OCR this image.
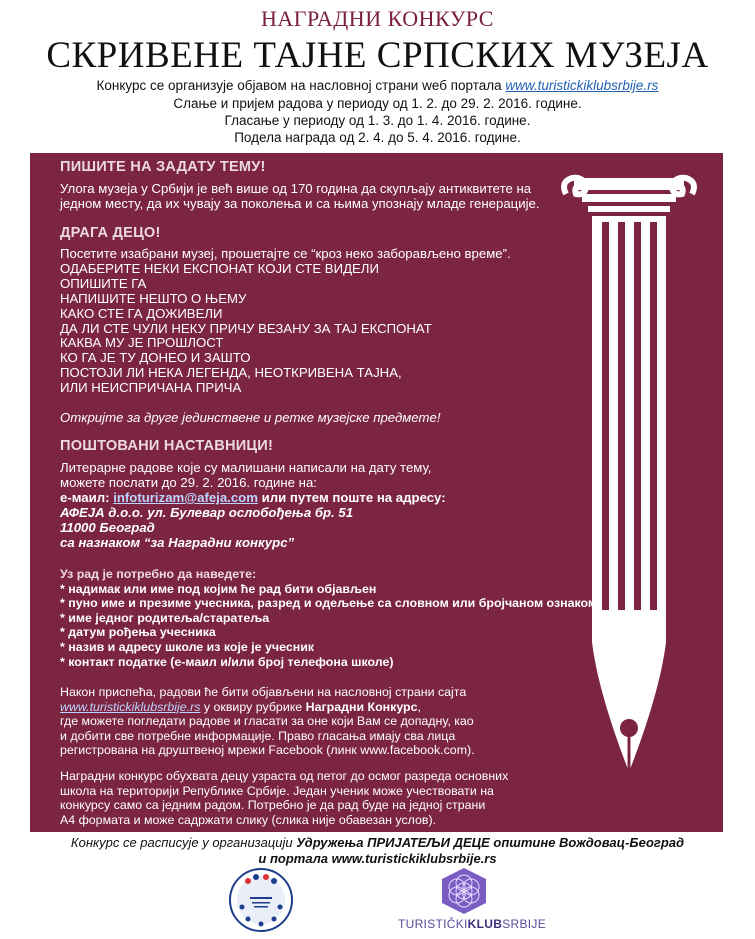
НАГРАДНИ КОНКУРС
СКРИВЕНЕ ТАЈНЕ СРПСКИХ МУЗЕЈА
Конкурс се организује објавом на насловној страни wеб портала www.turistickiklubsrbije.rs
Слање и пријем радова у периоду од 1. 2. до 29. 2. 2016. године.
Гласање у периоду од 1. 3. до 1. 4. 2016. године.
Подела награда од 2. 4. до 5. 4. 2016. године.
ПИШИТЕ НА ЗАДАТУ ТЕМУ!
Улога музеја у Србији је већ више од 170 година да скупљају антиквитете на
једном месту, да их чувају за поколења и са њима упознају младе генерације.
ДРАГА ДЕЦО!
Посетите изабрани музеј, прошетајте се “кроз неко заборављено време”.
ОДАБЕРИТЕ НЕКИ ЕКСПОНАТ КОЈИ СТЕ ВИДЕЛИ
ОПИШИТЕ ГА
НАПИШИТЕ НЕШТО О ЊЕМУ
КАКО СТЕ ГА ДОЖИВЕЛИ
ДА ЛИ СТЕ ЧУЛИ НЕКУ ПРИЧУ ВЕЗАНУ ЗА ТАЈ ЕКСПОНАТ
КАКВА МУ ЈЕ ПРОШЛОСТ
КО ГА ЈЕ ТУ ДОНЕО И ЗАШТО
ПОСТОЈИ ЛИ НЕКА ЛЕГЕНДА, НЕОТКРИВЕНА ТАЈНА,
ИЛИ НЕИСПРИЧАНА ПРИЧА
Откријте за друге јединствене и ретке музејске предмете!
ПОШТОВАНИ НАСТАВНИЦИ!
Литерарне радове које су малишани написали на дату тему,
можете послати до 29. 2. 2016. године на:
е-маил: infoturizam@afeja.com или путем поште на адресу:
АФЕЈА д.о.о. ул. Булевар ослобођења бр. 51
11000 Београд
са назнаком “за Наградни конкурс”
Уз рад је потребно да наведете:
* надимак или име под којим ће рад бити објављен
* пуно име и презиме учесника, разред и одељење са словном или бројчаном ознаком
* име једног родитеља/старатеља
* датум рођења учесника
* назив и адресу школе из које је учесник
* контакт податке (е-маил и/или број телефона школе)
Након приспећа, радови ће бити објављени на насловној страни сајта
www.turistickiklubsrbije.rs у оквиру рубрике Наградни Конкурс,
где можете погледати радове и гласати за оне који Вам се допадну, као
и добити све потребне информације. Право гласања имају сва лица
регистрована на друштвеној мрежи Facebook (линк www.facebook.com).
Наградни конкурс обухвата децу узраста од петог до осмог разреда основних
школа на територији Републике Србије. Један ученик може учествовати на
конкурсу само са једним радом. Потребно је да рад буде на једној страни
А4 формата и може садржати слику (слика није обавезан услов).
Конкурс се расписује у организацији Удружења ПРИЈАТЕЉИ ДЕЦЕ општине Вождовац-Београд
и портала www.turistickiklubsrbije.rs
TURISTIČKIKLUBSRBIJE
